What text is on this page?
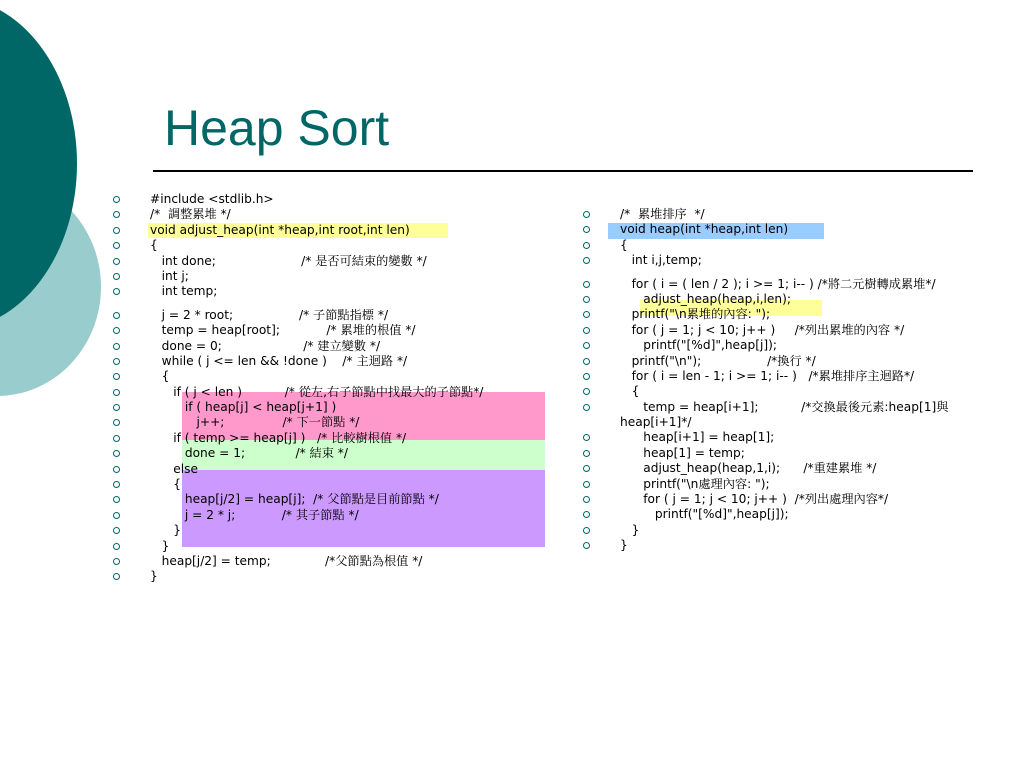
Heap Sort
#include <stdlib.h>
/*  調整累堆 */
void adjust_heap(int *heap,int root,int len)
{
int done;                      /* 是否可結束的變數 */
int j;
int temp;
j = 2 * root;                 /* 子節點指標 */
temp = heap[root];            /* 累堆的根值 */
done = 0;                     /* 建立變數 */
while ( j <= len && !done )    /* 主迴路 */
{
if ( j < len )           /* 從左,右子節點中找最大的子節點*/
if ( heap[j] < heap[j+1] )
j++;               /* 下一節點 */
if ( temp >= heap[j] )   /* 比較樹根值 */
done = 1;             /* 結束 */
else
{
heap[j/2] = heap[j];  /* 父節點是目前節點 */
j = 2 * j;            /* 其子節點 */
}
}
heap[j/2] = temp;              /*父節點為根值 */
}
/*  累堆排序  */
void heap(int *heap,int len)
{
int i,j,temp;
for ( i = ( len / 2 ); i >= 1; i-- ) /*將二元樹轉成累堆*/
adjust_heap(heap,i,len);
printf("\n累堆的內容: ");
for ( j = 1; j < 10; j++ )     /*列出累堆的內容 */
printf("[%d]",heap[j]);
printf("\n");                 /*換行 */
for ( i = len - 1; i >= 1; i-- )   /*累堆排序主迴路*/
{
temp = heap[i+1];           /*交換最後元素:heap[1]與
heap[i+1]*/
heap[i+1] = heap[1];
heap[1] = temp;
adjust_heap(heap,1,i);      /*重建累堆 */
printf("\n處理內容: ");
for ( j = 1; j < 10; j++ )  /*列出處理內容*/
printf("[%d]",heap[j]);
}
}
